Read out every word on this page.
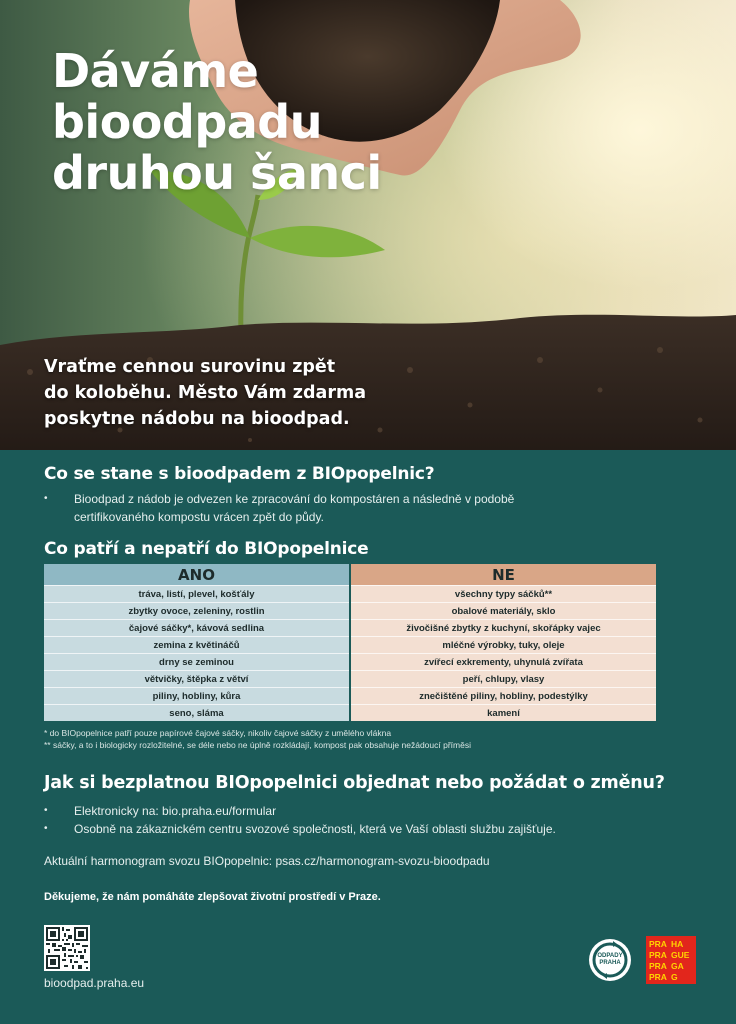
Dáváme
bioodpadu
druhou šanci
Vraťme cennou surovinu zpět
do koloběhu. Město Vám zdarma
poskytne nádobu na bioodpad.
Co se stane s bioodpadem z BIOpopelnic?
• Bioodpad z nádob je odvezen ke zpracování do kompostáren a následně v podobě
certifikovaného kompostu vrácen zpět do půdy.
Co patří a nepatří do BIOpopelnice
ANO	NE
tráva, listí, plevel, košťály	všechny typy sáčků**
zbytky ovoce, zeleniny, rostlin	obalové materiály, sklo
čajové sáčky*, kávová sedlina	živočišné zbytky z kuchyní, skořápky vajec
zemina z květináčů	mléčné výrobky, tuky, oleje
drny se zeminou	zvířecí exkrementy, uhynulá zvířata
větvičky, štěpka z větví	peří, chlupy, vlasy
piliny, hobliny, kůra	znečištěné piliny, hobliny, podestýlky
seno, sláma	kamení
* do BIOpopelnice patří pouze papírové čajové sáčky, nikoliv čajové sáčky z umělého vlákna
** sáčky, a to i biologicky rozložitelné, se déle nebo ne úplně rozkládají, kompost pak obsahuje nežádoucí příměsi
Jak si bezplatnou BIOpopelnici objednat nebo požádat o změnu?
• Elektronicky na: bio.praha.eu/formular
• Osobně na zákaznickém centru svozové společnosti, která ve Vaší oblasti službu zajišťuje.
Aktuální harmonogram svozu BIOpopelnic: psas.cz/harmonogram-svozu-bioodpadu
Děkujeme, že nám pomáháte zlepšovat životní prostředí v Praze.
bioodpad.praha.eu
ODPADY
PRAHA
PRA HA
PRA GUE
PRA GA
PRA G
